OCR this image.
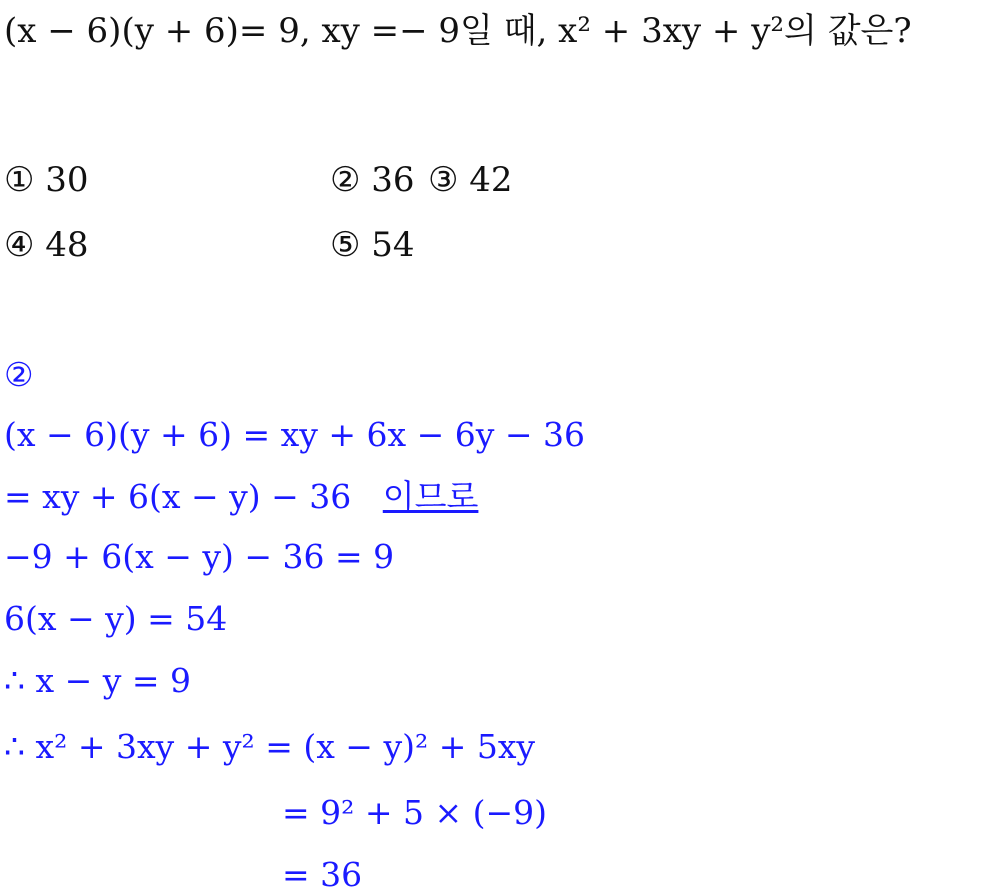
(x − 6)(y + 6)= 9, xy =− 9일 때, x² + 3xy + y²의 값은?
① 30	② 36 ③ 42
④ 48	⑤ 54
②
(x − 6)(y + 6) = xy + 6x − 6y − 36
= xy + 6(x − y) − 36 이므로
−9 + 6(x − y) − 36 = 9
6(x − y) = 54
∴ x − y = 9
∴ x² + 3xy + y² = (x − y)² + 5xy
= 9² + 5 × (−9)
= 36
